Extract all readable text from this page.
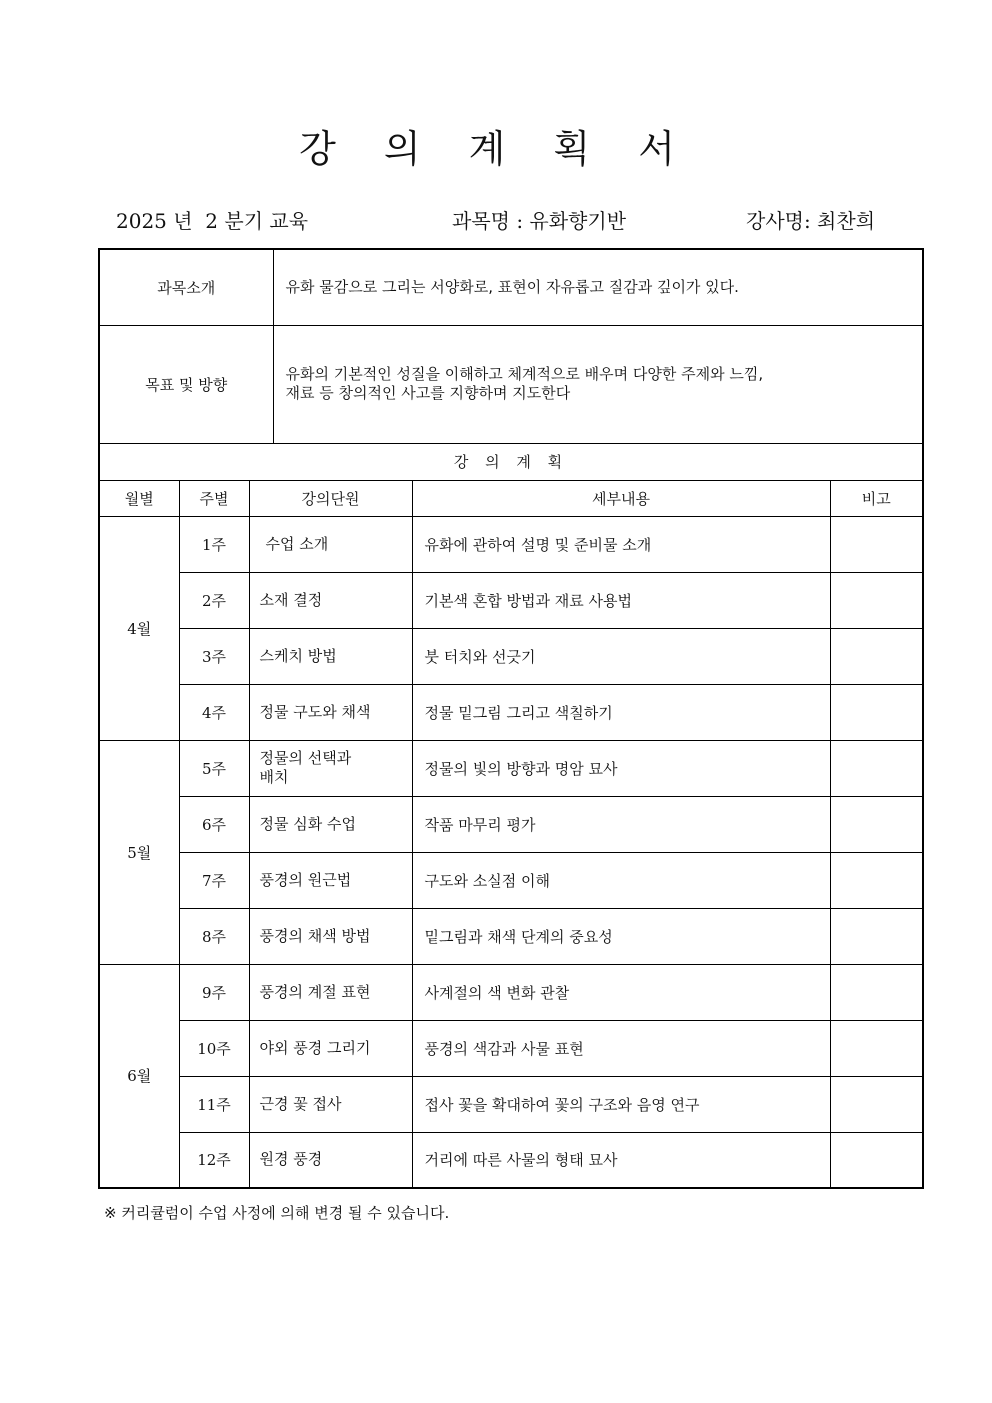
강 의 계 획 서
2025 년  2 분기 교육	과목명 : 유화향기반	강사명: 최찬희
과목소개			유화 물감으로 그리는 서양화로, 표현이 자유롭고 질감과 깊이가 있다.		
목표 및 방향			유화의 기본적인 성질을 이해하고 체계적으로 배우며 다양한 주제와 느낌,
재료 등 창의적인 사고를 지향하며 지도한다		

강 의 계 획					
월별	주별	강의단원		세부내용	비고
4월	1주	수업 소개		유화에 관하여 설명 및 준비물 소개	
	2주	소재 결정		기본색 혼합 방법과 재료 사용법	
	3주	스케치 방법		붓 터치와 선긋기	
	4주	정물 구도와 채색		정물 밑그림 그리고 색칠하기	
5월	5주	정물의 선택과
배치		정물의 빛의 방향과 명암 묘사	
	6주	정물 심화 수업		작품 마무리 평가	
	7주	풍경의 원근법		구도와 소실점 이해	
	8주	풍경의 채색 방법		밑그림과 채색 단계의 중요성	
6월	9주	풍경의 계절 표현		사계절의 색 변화 관찰	
	10주	야외 풍경 그리기		풍경의 색감과 사물 표현	
	11주	근경 꽃 접사		접사 꽃을 확대하여 꽃의 구조와 음영 연구	
	12주	원경 풍경		거리에 따른 사물의 형태 묘사	
※ 커리큘럼이 수업 사정에 의해 변경 될 수 있습니다.
